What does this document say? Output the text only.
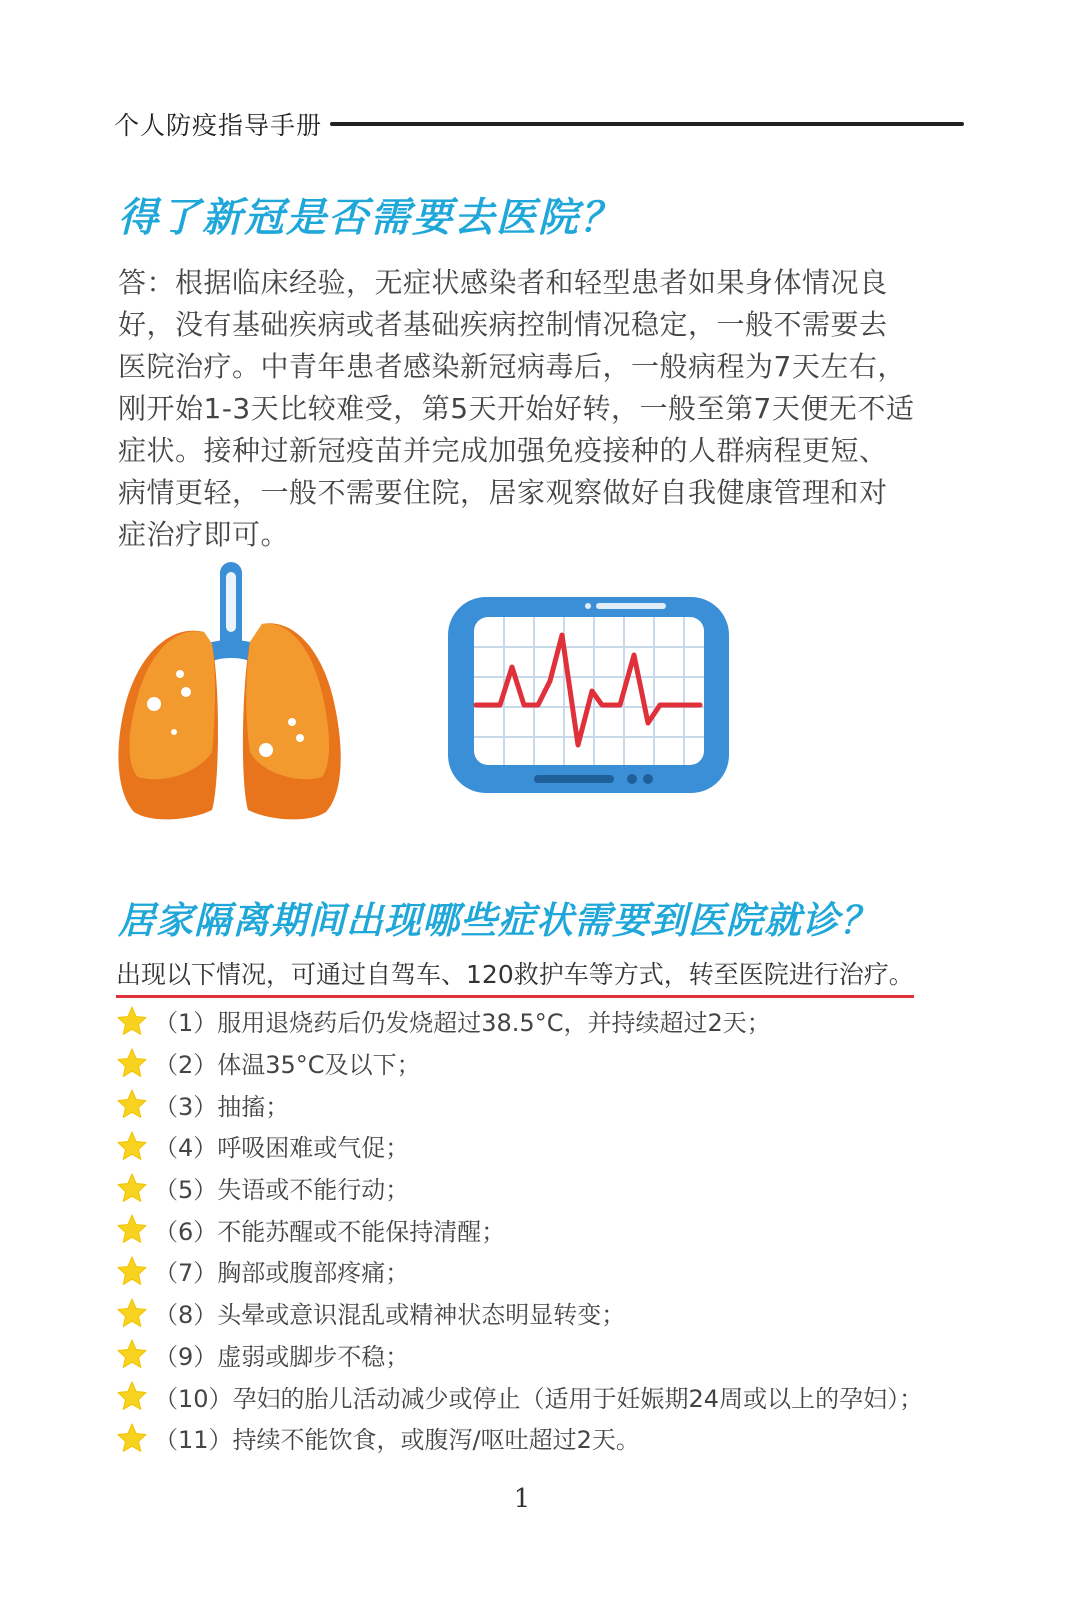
个人防疫指导手册
得了新冠是否需要去医院？
答：根据临床经验，无症状感染者和轻型患者如果身体情况良
好，没有基础疾病或者基础疾病控制情况稳定，一般不需要去
医院治疗。中青年患者感染新冠病毒后，一般病程为7天左右，
刚开始1-3天比较难受，第5天开始好转，一般至第7天便无不适
症状。接种过新冠疫苗并完成加强免疫接种的人群病程更短、
病情更轻，一般不需要住院，居家观察做好自我健康管理和对
症治疗即可。
居家隔离期间出现哪些症状需要到医院就诊？
出现以下情况，可通过自驾车、120救护车等方式，转至医院进行治疗。
（1）服用退烧药后仍发烧超过38.5°C，并持续超过2天；
（2）体温35°C及以下；
（3）抽搐；
（4）呼吸困难或气促；
（5）失语或不能行动；
（6）不能苏醒或不能保持清醒；
（7）胸部或腹部疼痛；
（8）头晕或意识混乱或精神状态明显转变；
（9）虚弱或脚步不稳；
（10）孕妇的胎儿活动减少或停止（适用于妊娠期24周或以上的孕妇）；
（11）持续不能饮食，或腹泻/呕吐超过2天。
1
